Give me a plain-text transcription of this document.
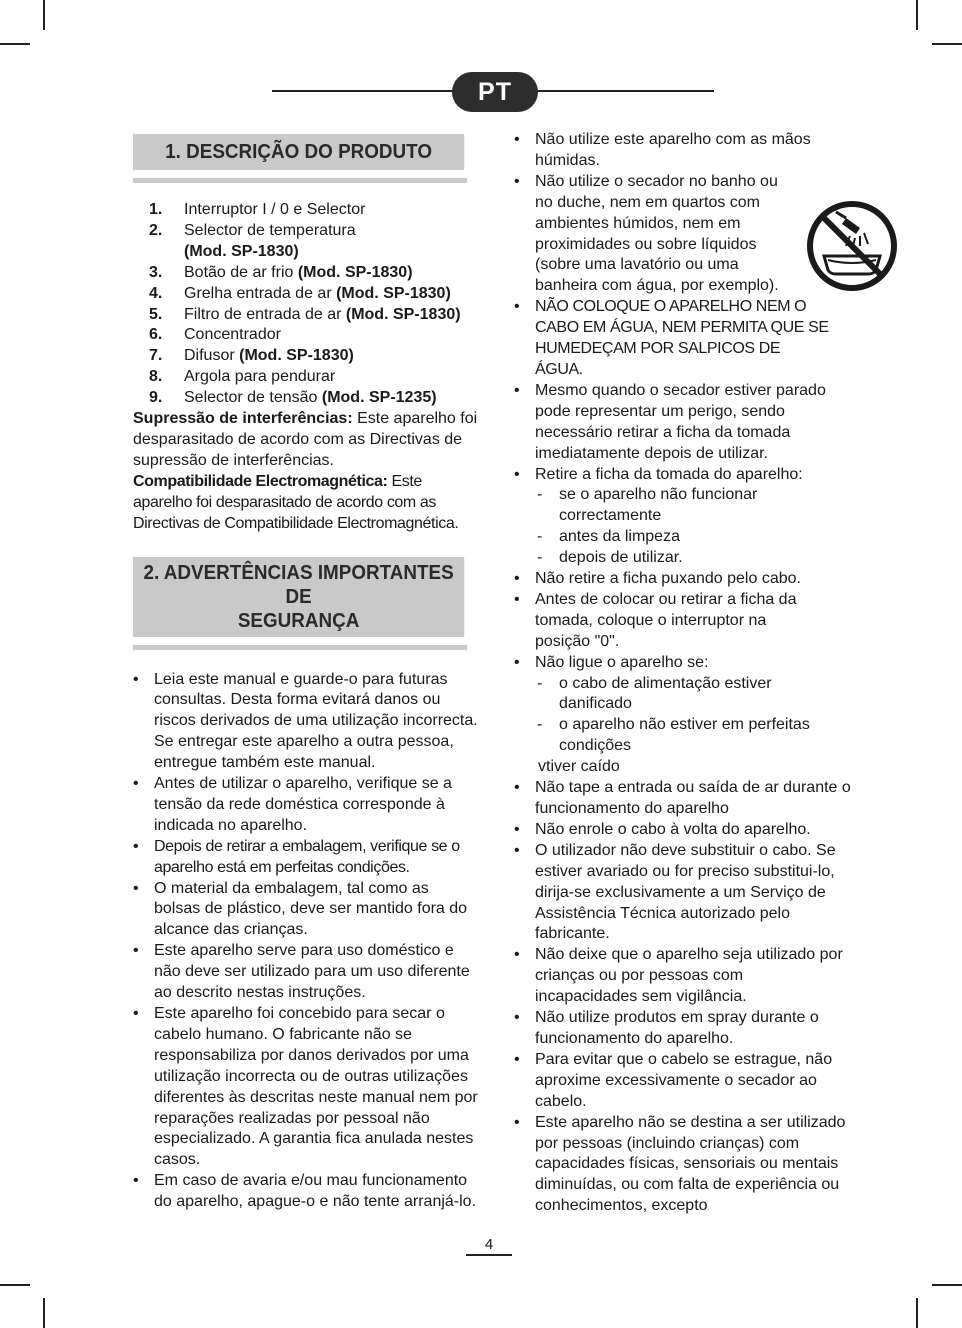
PT
1. DESCRIÇÃO DO PRODUTO
1.	Interruptor I / 0 e Selector
2.	Selector de temperatura
(Mod. SP-1830)
3.	Botão de ar frio (Mod. SP-1830)
4.	Grelha entrada de ar (Mod. SP-1830)
5.	Filtro de entrada de ar (Mod. SP-1830)
6.	Concentrador
7.	Difusor (Mod. SP-1830)
8.	Argola para pendurar
9.	Selector de tensão (Mod. SP-1235)

Supressão de interferências: Este aparelho foi desparasitado de acordo com as Directivas de supressão de interferências.

Compatibilidade Electromagnética: Este aparelho foi desparasitado de acordo com as Directivas de Compatibilidade Electromagnética.

2. ADVERTÊNCIAS IMPORTANTES DE
SEGURANÇA
• Leia este manual e guarde-o para futuras consultas. Desta forma evitará danos ou riscos derivados de uma utilização incorrecta. Se entregar este aparelho a outra pessoa, entregue também este manual.
• Antes de utilizar o aparelho, verifique se a tensão da rede doméstica corresponde à indicada no aparelho.
• Depois de retirar a embalagem, verifique se o aparelho está em perfeitas condições.
• O material da embalagem, tal como as bolsas de plástico, deve ser mantido fora do alcance das crianças.
• Este aparelho serve para uso doméstico e não deve ser utilizado para um uso diferente ao descrito nestas instruções.
• Este aparelho foi concebido para secar o cabelo humano. O fabricante não se responsabiliza por danos derivados por uma utilização incorrecta ou de outras utilizações diferentes às descritas neste manual nem por reparações realizadas por pessoal não especializado. A garantia fica anulada nestes casos.
• Em caso de avaria e/ou mau funcionamento do aparelho, apague-o e não tente arranjá-lo.
• Não utilize este aparelho com as mãos húmidas.
• Não utilize o secador no banho ou no duche, nem em quartos com ambientes húmidos, nem em proximidades ou sobre líquidos (sobre uma lavatório ou uma banheira com água, por exemplo).
• NÃO COLOQUE O APARELHO NEM O CABO EM ÁGUA, NEM PERMITA QUE SE HUMEDEÇAM POR SALPICOS DE ÁGUA.
• Mesmo quando o secador estiver parado pode representar um perigo, sendo necessário retirar a ficha da tomada imediatamente depois de utilizar.
• Retire a ficha da tomada do aparelho:
- se o aparelho não funcionar correctamente
- antes da limpeza
- depois de utilizar.
• Não retire a ficha puxando pelo cabo.
• Antes de colocar ou retirar a ficha da tomada, coloque o interruptor na posição "0".
• Não ligue o aparelho se:
- o cabo de alimentação estiver danificado
- o aparelho não estiver em perfeitas condições
vtiver caído
• Não tape a entrada ou saída de ar durante o funcionamento do aparelho
• Não enrole o cabo à volta do aparelho.
• O utilizador não deve substituir o cabo. Se estiver avariado ou for preciso substitui-lo, dirija-se exclusivamente a um Serviço de Assistência Técnica autorizado pelo fabricante.
• Não deixe que o aparelho seja utilizado por crianças ou por pessoas com incapacidades sem vigilância.
• Não utilize produtos em spray durante o funcionamento do aparelho.
• Para evitar que o cabelo se estrague, não aproxime excessivamente o secador ao cabelo.
• Este aparelho não se destina a ser utilizado por pessoas (incluindo crianças) com capacidades físicas, sensoriais ou mentais diminuídas, ou com falta de experiência ou conhecimentos, excepto
4
